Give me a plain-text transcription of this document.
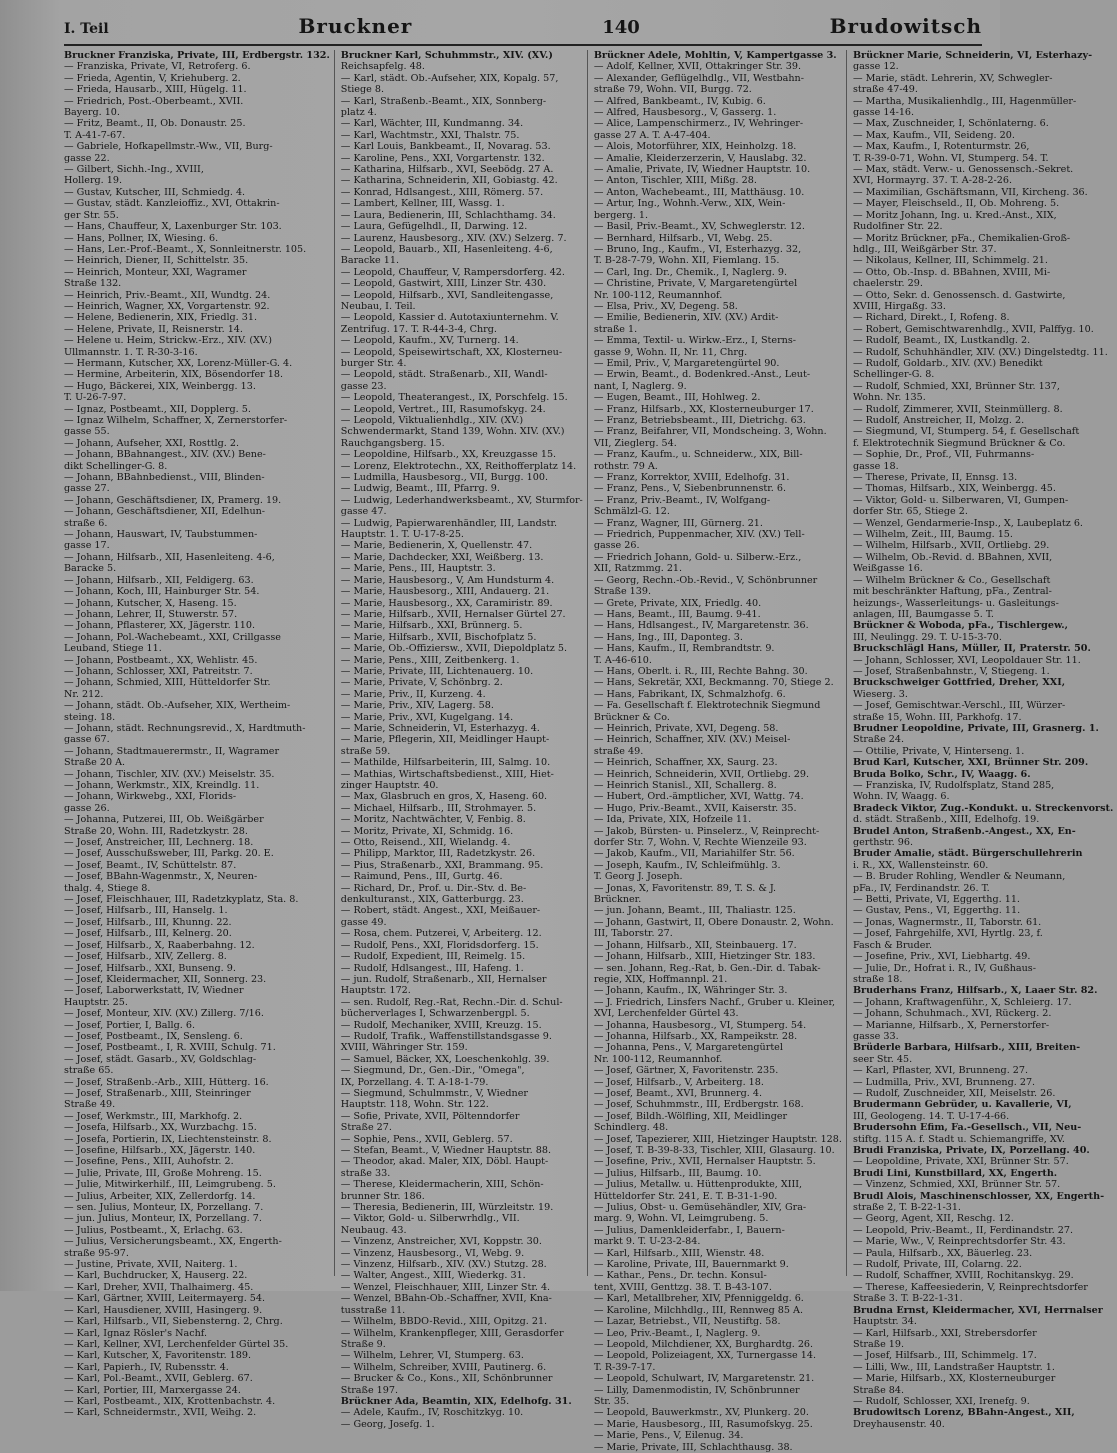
I. Teil	Bruckner	140	Brudowitsch
Bruckner Franziska, Private, III, Erdbergstr. 132.
— Franziska, Private, VI, Retroferg. 6.
— Frieda, Agentin, V, Kriehuberg. 2.
— Frieda, Hausarb., XIII, Hügelg. 11.
— Friedrich, Post.-Oberbeamt., XVII.
Bayerg. 10.
— Fritz, Beamt., II, Ob. Donaustr. 25.
T. A-41-7-67.
— Gabriele, Hofkapellmstr.-Ww., VII, Burg-
gasse 22.
— Gilbert, Sichh.-Ing., XVIII,
Hollerg. 19.
— Gustav, Kutscher, III, Schmiedg. 4.
— Gustav, städt. Kanzleioffiz., XVI, Ottakrin-
ger Str. 55.
— Hans, Chauffeur, X, Laxenburger Str. 103.
— Hans, Pollner, IX, Wiesing. 6.
— Hans, Ler.-Prof.-Beamt., X, Sonnleitnerstr. 105.
— Heinrich, Diener, II, Schittelstr. 35.
— Heinrich, Monteur, XXI, Wagramer
Straße 132.
— Heinrich, Priv.-Beamt., XII, Wundtg. 24.
— Heinrich, Wagner, XX, Vorgartenstr. 92.
— Helene, Bedienerin, XIX, Friedlg. 31.
— Helene, Private, II, Reisnerstr. 14.
— Helene u. Heim, Strickw.-Erz., XIV. (XV.)
Ullmannstr. 1. T. R-30-3-16.
— Hermann, Kutscher, XX, Lorenz-Müller-G. 4.
— Hermine, Arbeiterin, XIX, Bösendorfer 18.
— Hugo, Bäckerei, XIX, Weinbergg. 13.
T. U-26-7-97.
— Ignaz, Postbeamt., XII, Dopplerg. 5.
— Ignaz Wilhelm, Schaffner, X, Zernerstorfer-
gasse 55.
— Johann, Aufseher, XXI, Rosttlg. 2.
— Johann, BBahnangest., XIV. (XV.) Bene-
dikt Schellinger-G. 8.
— Johann, BBahnbedienst., VIII, Blinden-
gasse 27.
— Johann, Geschäftsdiener, IX, Pramerg. 19.
— Johann, Geschäftsdiener, XII, Edelhun-
straße 6.
— Johann, Hauswart, IV, Taubstummen-
gasse 17.
— Johann, Hilfsarb., XII, Hasenleiteng. 4-6,
Baracke 5.
— Johann, Hilfsarb., XII, Feldigerg. 63.
— Johann, Koch, III, Hainburger Str. 54.
— Johann, Kutscher, X, Haseng. 15.
— Johann, Lehrer, II, Stuwerstr. 57.
— Johann, Pflasterer, XX, Jägerstr. 110.
— Johann, Pol.-Wachebeamt., XXI, Crillgasse
Leuband, Stiege 11.
— Johann, Postbeamt., XX, Wehlistr. 45.
— Johann, Schlosser, XXI, Patreitstr. 7.
— Johann, Schmied, XIII, Hütteldorfer Str.
Nr. 212.
— Johann, städt. Ob.-Aufseher, XIX, Wertheim-
steing. 18.
— Johann, städt. Rechnungsrevid., X, Hardtmuth-
gasse 67.
— Johann, Stadtmauerermstr., II, Wagramer
Straße 20 A.
— Johann, Tischler, XIV. (XV.) Meiselstr. 35.
— Johann, Werkmstr., XIX, Kreindlg. 11.
— Johann, Wirkwebg., XXI, Florids-
gasse 26.
— Johanna, Putzerei, III, Ob. Weißgärber
Straße 20, Wohn. III, Radetzkystr. 28.
— Josef, Anstreicher, III, Lechnerg. 18.
— Josef, Ausschußsweber, III, Parkg. 20. E.
— Josef, Beamt., IV, Schüttelstr. 87.
— Josef, BBahn-Wagenmstr., X, Neuren-
thalg. 4, Stiege 8.
— Josef, Fleischhauer, III, Radetzkyplatz, Sta. 8.
— Josef, Hilfsarb., III, Hanselg. 1.
— Josef, Hilfsarb., III, Khunng. 22.
— Josef, Hilfsarb., III, Kelnerg. 20.
— Josef, Hilfsarb., X, Raaberbahng. 12.
— Josef, Hilfsarb., XIV, Zellerg. 8.
— Josef, Hilfsarb., XXI, Bunseng. 9.
— Josef, Kleidermacher, XII, Sonnerg. 23.
— Josef, Laborwerkstatt, IV, Wiedner
Hauptstr. 25.
— Josef, Monteur, XIV. (XV.) Zillerg. 7/16.
— Josef, Portier, I, Ballg. 6.
— Josef, Postbeamt., IX, Sensleng. 6.
— Josef, Postbeamt., I, R. XVIII, Schulg. 71.
— Josef, städt. Gasarb., XV, Goldschlag-
straße 65.
— Josef, Straßenb.-Arb., XIII, Hütterg. 16.
— Josef, Straßenarb., XIII, Steinringer
Straße 49.
— Josef, Werkmstr., III, Markhofg. 2.
— Josefa, Hilfsarb., XX, Wurzbachg. 15.
— Josefa, Portierin, IX, Liechtensteinstr. 8.
— Josefine, Hilfsarb., XX, Jägerstr. 140.
— Josefine, Pens., XIII, Auhofstr. 2.
— Julie, Private, III, Große Mohreng. 15.
— Julie, Mitwirkerhilf., III, Leimgrubeng. 5.
— Julius, Arbeiter, XIX, Zellerdorfg. 14.
— sen. Julius, Monteur, IX, Porzellang. 7.
— jun. Julius, Monteur, IX, Porzellang. 7.
— Julius, Postbeamt., X, Erlachg. 63.
— Julius, Versicherungsbeamt., XX, Engerth-
straße 95-97.
— Justine, Private, XVII, Naiterg. 1.
— Karl, Buchdrucker, X, Hauserg. 22.
— Karl, Dreher, XVII, Thalhaimerg. 45.
— Karl, Gärtner, XVIII, Leitermayerg. 54.
— Karl, Hausdiener, XVIII, Hasingerg. 9.
— Karl, Hilfsarb., VII, Siebensterng. 2, Chrg.
— Karl, Ignaz Rösler's Nachf.
— Karl, Kellner, XVI, Lerchenfelder Gürtel 35.
— Karl, Kutscher, X, Favoritenstr. 189.
— Karl, Papierh., IV, Rubensstr. 4.
— Karl, Pol.-Beamt., XVII, Geblerg. 67.
— Karl, Portier, III, Marxergasse 24.
— Karl, Postbeamt., XIX, Krottenbachstr. 4.
— Karl, Schneidermstr., XVII, Weihg. 2.
Bruckner Karl, Schuhmmstr., XIV. (XV.)
Reichsapfelg. 48.
— Karl, städt. Ob.-Aufseher, XIX, Kopalg. 57,
Stiege 8.
— Karl, Straßenb.-Beamt., XIX, Sonnberg-
platz 4.
— Karl, Wächter, III, Kundmanng. 34.
— Karl, Wachtmstr., XXI, Thalstr. 75.
— Karl Louis, Bankbeamt., II, Novarag. 53.
— Karoline, Pens., XXI, Vorgartenstr. 132.
— Katharina, Hilfsarb., XVI, Seebödg. 27 A.
— Katharina, Schneiderin, XII, Gobiastg. 42.
— Konrad, Hdlsangest., XIII, Römerg. 57.
— Lambert, Kellner, III, Wassg. 1.
— Laura, Bedienerin, III, Schlachthamg. 34.
— Laura, Gefügelhdl., II, Darwing. 12.
— Laurenz, Hausbesorg., XIV. (XV.) Selzerg. 7.
— Leopold, Bauarb., XII, Hasenleiteng. 4-6,
Baracke 11.
— Leopold, Chauffeur, V, Rampersdorferg. 42.
— Leopold, Gastwirt, XIII, Linzer Str. 430.
— Leopold, Hilfsarb., XVI, Sandleitengasse,
Neubau, I. Teil.
— Leopold, Kassier d. Autotaxiunternehm. V.
Zentrifug. 17. T. R-44-3-4, Chrg.
— Leopold, Kaufm., XV, Turnerg. 14.
— Leopold, Speisewirtschaft, XX, Klosterneu-
burger Str. 4.
— Leopold, städt. Straßenarb., XII, Wandl-
gasse 23.
— Leopold, Theaterangest., IX, Porschfelg. 15.
— Leopold, Vertret., III, Rasumofskyg. 24.
— Leopold, Viktualienhdlg., XIV. (XV.)
Schwendermarkt, Stand 139, Wohn. XIV. (XV.)
Rauchgangsberg. 15.
— Leopoldine, Hilfsarb., XX, Kreuzgasse 15.
— Lorenz, Elektrotechn., XX, Reithofferplatz 14.
— Ludmilla, Hausbesorg., VII, Burgg. 100.
— Ludwig, Beamt., III, Pfarrg. 9.
— Ludwig, Lederhandwerksbeamt., XV, Sturmfor-
gasse 47.
— Ludwig, Papierwarenhändler, III, Landstr.
Hauptstr. 1. T. U-17-8-25.
— Marie, Bedienerin, X, Quellenstr. 47.
— Marie, Dachdecker, XXI, Weißberg. 13.
— Marie, Pens., III, Hauptstr. 3.
— Marie, Hausbesorg., V, Am Hundsturm 4.
— Marie, Hausbesorg., XIII, Andauerg. 21.
— Marie, Hausbesorg., XX, Caramiristr. 89.
— Marie, Hilfsarb., XVII, Hernalser Gürtel 27.
— Marie, Hilfsarb., XXI, Brünnerg. 5.
— Marie, Hilfsarb., XVII, Bischofplatz 5.
— Marie, Ob.-Offiziersw., XVII, Diepoldplatz 5.
— Marie, Pens., XIII, Zeitbenkerg. 1.
— Marie, Private, III, Lichtenauerg. 10.
— Marie, Private, V, Schönbrg. 2.
— Marie, Priv., II, Kurzeng. 4.
— Marie, Priv., XIV, Lagerg. 58.
— Marie, Priv., XVI, Kugelgang. 14.
— Marie, Schneiderin, VI, Esterhazyg. 4.
— Marie, Pflegerin, XII, Meidlinger Haupt-
straße 59.
— Mathilde, Hilfsarbeiterin, III, Salmg. 10.
— Mathias, Wirtschaftsbedienst., XIII, Hiet-
zinger Hauptstr. 40.
— Max, Glasbruch en gros, X, Haseng. 60.
— Michael, Hilfsarb., III, Strohmayer. 5.
— Moritz, Nachtwächter, V, Fenbig. 8.
— Moritz, Private, XI, Schmidg. 16.
— Otto, Reisend., XII, Wielandg. 4.
— Philipp, Marktor, III, Radetzkystr. 26.
— Pius, Straßenarb., XXI, Brammang. 95.
— Raimund, Pens., III, Gurtg. 46.
— Richard, Dr., Prof. u. Dir.-Stv. d. Be-
denkulturanst., XIX, Gatterburgg. 23.
— Robert, städt. Angest., XXI, Meißauer-
gasse 49.
— Rosa, chem. Putzerei, V, Arbeiterg. 12.
— Rudolf, Pens., XXI, Floridsdorferg. 15.
— Rudolf, Expedient, III, Reimelg. 15.
— Rudolf, Hdlsangest., III, Hafeng. 1.
— jun. Rudolf, Straßenarb., XII, Hernalser
Hauptstr. 172.
— sen. Rudolf, Reg.-Rat, Rechn.-Dir. d. Schul-
bücherverlages I, Schwarzenbergpl. 5.
— Rudolf, Mechaniker, XVIII, Kreuzg. 15.
— Rudolf, Trafik., Waffenstillstandsgasse 9.
XVIII, Währinger Str. 159.
— Samuel, Bäcker, XX, Loeschenkohlg. 39.
— Siegmund, Dr., Gen.-Dir., "Omega",
IX, Porzellang. 4. T. A-18-1-79.
— Siegmund, Schulmmstr., V, Wiedner
Hauptstr. 118, Wohn. Str. 122.
— Sofie, Private, XVII, Pöltenndorfer
Straße 27.
— Sophie, Pens., XVII, Geblerg. 57.
— Stefan, Beamt., V, Wiedner Hauptstr. 88.
— Theodor, akad. Maler, XIX, Döbl. Haupt-
straße 33.
— Therese, Kleidermacherin, XIII, Schön-
brunner Str. 186.
— Theresia, Bedienerin, III, Würzleitstr. 19.
— Viktor, Gold- u. Silberwrhdlg., VII.
Neubaug. 43.
— Vinzenz, Anstreicher, XVI, Koppstr. 30.
— Vinzenz, Hausbesorg., VI, Webg. 9.
— Vinzenz, Hilfsarb., XIV. (XV.) Stutzg. 28.
— Walter, Angest., XIII, Wiederkg. 31.
— Wenzel, Fleischhauer, XIII, Linzer Str. 4.
— Wenzel, BBahn-Ob.-Schaffner, XVII, Kna-
tusstraße 11.
— Wilhelm, BBDO-Revid., XIII, Opitzg. 21.
— Wilhelm, Krankenpfleger, XIII, Gerasdorfer
Straße 9.
— Wilhelm, Lehrer, VI, Stumperg. 63.
— Wilhelm, Schreiber, XVIII, Pautinerg. 6.
— Brucker & Co., Kons., XII, Schönbrunner
Straße 197.
Brückner Ada, Beamtin, XIX, Edelhofg. 31.
— Adele, Kaufm., IV, Roschitzkyg. 10.
— Georg, Josefg. 1.
Brückner Adele, Mohltin, V, Kampertgasse 3.
— Adolf, Kellner, XVII, Ottakringer Str. 39.
— Alexander, Geflügelhdlg., VII, Westbahn-
straße 79, Wohn. VII, Burgg. 72.
— Alfred, Bankbeamt., IV, Kubig. 6.
— Alfred, Hausbesorg., V, Gasserg. 1.
— Alice, Lampenschirmerz., IV, Wehringer-
gasse 27 A. T. A-47-404.
— Alois, Motorführer, XIX, Heinholzg. 18.
— Amalie, Kleiderzerzerin, V, Hauslabg. 32.
— Amalie, Private, IV, Wiedner Hauptstr. 10.
— Anton, Tischler, XIII, Mißg. 28.
— Anton, Wachebeamt., III, Matthäusg. 10.
— Artur, Ing., Wohnh.-Verw., XIX, Wein-
bergerg. 1.
— Basil, Priv.-Beamt., XV, Schweglerstr. 12.
— Bernhard, Hilfsarb., VI, Webg. 25.
— Bruno, Ing., Kaufm., VI, Esterhazyg. 32,
T. B-28-7-79, Wohn. XII, Fiemlang. 15.
— Carl, Ing. Dr., Chemik., I, Naglerg. 9.
— Christine, Private, V, Margaretengürtel
Nr. 100-112, Reumannhof.
— Elsa, Priv., XV, Degeng. 58.
— Emilie, Bedienerin, XIV. (XV.) Ardit-
straße 1.
— Emma, Textil- u. Wirkw.-Erz., I, Sterns-
gasse 9, Wohn. II, Nr. 11, Chrg.
— Emil, Priv., V, Margaretengürtel 90.
— Erwin, Beamt., d. Bodenkred.-Anst., Leut-
nant, I, Naglerg. 9.
— Eugen, Beamt., III, Hohlweg. 2.
— Franz, Hilfsarb., XX, Klosterneuburger 17.
— Franz, Betriebsbeamt., III, Dietrichg. 63.
— Franz, Beifahrer, VII, Mondscheing. 3, Wohn.
VII, Zieglerg. 54.
— Franz, Kaufm., u. Schneiderw., XIX, Bill-
rothstr. 79 A.
— Franz, Korrektor, XVIII, Edelhofg. 31.
— Franz, Pens., V, Siebenbrunnenstr. 6.
— Franz, Priv.-Beamt., IV, Wolfgang-
Schmälzl-G. 12.
— Franz, Wagner, III, Gürnerg. 21.
— Friedrich, Puppenmacher, XIV. (XV.) Tell-
gasse 26.
— Friedrich Johann, Gold- u. Silberw.-Erz.,
XII, Ratzmmg. 21.
— Georg, Rechn.-Ob.-Revid., V, Schönbrunner
Straße 139.
— Grete, Private, XIX, Friedlg. 40.
— Hans, Beamt., III, Baumg. 9-41.
— Hans, Hdlsangest., IV, Margaretenstr. 36.
— Hans, Ing., III, Daponteg. 3.
— Hans, Kaufm., II, Rembrandtstr. 9.
T. A-46-610.
— Hans, Oberlt. i. R., III, Rechte Bahng. 30.
— Hans, Sekretär, XXI, Beckmanng. 70, Stiege 2.
— Hans, Fabrikant, IX, Schmalzhofg. 6.
— Fa. Gesellschaft f. Elektrotechnik Siegmund
Brückner & Co.
— Heinrich, Private, XVI, Degeng. 58.
— Heinrich, Schaffner, XIV. (XV.) Meisel-
straße 49.
— Heinrich, Schaffner, XX, Saurg. 23.
— Heinrich, Schneiderin, XVII, Ortliebg. 29.
— Heinrich Stanisl., XII, Schallerg. 8.
— Hubert, Ord.-ämptlicher, XVI, Wattg. 74.
— Hugo, Priv.-Beamt., XVII, Kaiserstr. 35.
— Ida, Private, XIX, Hofzeile 11.
— Jakob, Bürsten- u. Pinselerz., V, Reinprecht-
dorfer Str. 7, Wohn. V, Rechte Wienzeile 93.
— Jakob, Kaufm., VII, Mariahilfer Str. 56.
— Joseph, Kaufm., IV, Schleifmühlg. 3.
T. Georg J. Joseph.
— Jonas, X, Favoritenstr. 89, T. S. & J.
Brückner.
— jun. Johann, Beamt., III, Thaliastr. 125.
— Johann, Gastwirt, II, Obere Donaustr. 2, Wohn.
III, Taborstr. 27.
— Johann, Hilfsarb., XII, Steinbauerg. 17.
— Johann, Hilfsarb., XIII, Hietzinger Str. 183.
— sen. Johann, Reg.-Rat, b. Gen.-Dir. d. Tabak-
regie, XIX, Hoffmannpl. 21.
— Johann, Kaufm., IX, Währinger Str. 3.
— J. Friedrich, Linsfers Nachf., Gruber u. Kleiner,
XVI, Lerchenfelder Gürtel 43.
— Johanna, Hausbesorg., VI, Stumperg. 54.
— Johanna, Hilfsarb., XX, Rampeikstr. 28.
— Johanna, Pens., V, Margaretengürtel
Nr. 100-112, Reumannhof.
— Josef, Gärtner, X, Favoritenstr. 235.
— Josef, Hilfsarb., V, Arbeiterg. 18.
— Josef, Beamt., XVI, Brunnerg. 4.
— Josef, Schuhmmstr., III, Erdbergstr. 168.
— Josef, Bildh.-Wölfling, XII, Meidlinger
Schindlerg. 48.
— Josef, Tapezierer, XIII, Hietzinger Hauptstr. 128.
— Josef, T. B-39-8-33, Tischler, XIII, Glasaurg. 10.
— Josefine, Priv., XVII, Hernalser Hauptstr. 5.
— Julius, Hilfsarb., III, Baumg. 10.
— Julius, Metallw. u. Hüttenprodukte, XIII,
Hütteldorfer Str. 241, E. T. B-31-1-90.
— Julius, Obst- u. Gemüsehändler, XIV, Gra-
marg. 9, Wohn. VI, Leimgrubeng. 5.
— Julius, Damenkleiderfabr., I, Bauern-
markt 9. T. U-23-2-84.
— Karl, Hilfsarb., XIII, Wienstr. 48.
— Karoline, Private, III, Bauernmarkt 9.
— Kathar., Pens., Dr. techn. Konsul-
tent, XVIII, Genttzg. 38. T. B-43-107.
— Karl, Metallbreher, XIV, Pfenniggeldg. 6.
— Karoline, Milchhdlg., III, Rennweg 85 A.
— Lazar, Betriebst., VII, Neustiftg. 58.
— Leo, Priv.-Beamt., I, Naglerg. 9.
— Leopold, Milchdiener, XX, Burghardtg. 26.
— Leopold, Polizeiagent, XX, Turnergasse 14.
T. R-39-7-17.
— Leopold, Schulwart, IV, Margaretenstr. 21.
— Lilly, Damenmodistin, IV, Schönbrunner
Str. 35.
— Leopold, Bauwerkmstr., XV, Plunkerg. 20.
— Marie, Hausbesorg., III, Rasumofskyg. 25.
— Marie, Pens., V, Eilenug. 34.
— Marie, Private, III, Schlachthausg. 38.
Brückner Marie, Schneiderin, VI, Esterhazy-
gasse 12.
— Marie, städt. Lehrerin, XV, Schwegler-
straße 47-49.
— Martha, Musikalienhdlg., III, Hagenmüller-
gasse 14-16.
— Max, Zuschneider, I, Schönlaterng. 6.
— Max, Kaufm., VII, Seideng. 20.
— Max, Kaufm., I, Rotenturmstr. 26,
T. R-39-0-71, Wohn. VI, Stumperg. 54. T.
— Max, städt. Verw.- u. Genossensch.-Sekret.
XVI, Hormayrg. 37. T. A-28-2-26.
— Maximilian, Gschäftsmann, VII, Kircheng. 36.
— Mayer, Fleischseld., II, Ob. Mohreng. 5.
— Moritz Johann, Ing. u. Kred.-Anst., XIX,
Rudolfiner Str. 22.
— Moritz Brückner, pFa., Chemikalien-Groß-
hdlg., III, Weißgärber Str. 37.
— Nikolaus, Kellner, III, Schimmelg. 21.
— Otto, Ob.-Insp. d. BBahnen, XVIII, Mi-
chaelerstr. 29.
— Otto, Sekr. d. Genossensch. d. Gastwirte,
XVIII, Hirgaßg. 33.
— Richard, Direkt., I, Rofeng. 8.
— Robert, Gemischtwarenhdlg., XVII, Palffyg. 10.
— Rudolf, Beamt., IX, Lustkandlg. 2.
— Rudolf, Schuhhändler, XIV. (XV.) Dingelstedtg. 11.
— Rudolf, Goldarb., XIV. (XV.) Benedikt
Schellinger-G. 8.
— Rudolf, Schmied, XXI, Brünner Str. 137,
Wohn. Nr. 135.
— Rudolf, Zimmerer, XVII, Steinmüllerg. 8.
— Rudolf, Anstreicher, II, Molzg. 2.
— Siegmund, VI, Stumperg. 54, f. Gesellschaft
f. Elektrotechnik Siegmund Brückner & Co.
— Sophie, Dr., Prof., VII, Fuhrmanns-
gasse 18.
— Therese, Private, II, Ennsg. 13.
— Thomas, Hilfsarb., XIX, Weinbergg. 45.
— Viktor, Gold- u. Silberwaren, VI, Gumpen-
dorfer Str. 65, Stiege 2.
— Wenzel, Gendarmerie-Insp., X, Laubeplatz 6.
— Wilhelm, Zeit., III, Baumg. 15.
— Wilhelm, Hilfsarb., XVII, Ortliebg. 29.
— Wilhelm, Ob.-Revid. d. BBahnen, XVII,
Weißgasse 16.
— Wilhelm Brückner & Co., Gesellschaft
mit beschränkter Haftung, pFa., Zentral-
heizungs-, Wasserleitungs- u. Gasleitungs-
anlagen, III, Baumgasse 5. T.
Brückner & Woboda, pFa., Tischlergew.,
III, Neulingg. 29. T. U-15-3-70.
Bruckschlägl Hans, Müller, II, Praterstr. 50.
— Johann, Schlosser, XVI, Leopoldauer Str. 11.
— Josef, Straßenbahnstr., V, Stiegeng. 1.
Bruckschweiger Gottfried, Dreher, XXI,
Wieserg. 3.
— Josef, Gemischtwar.-Verschl., III, Würzer-
straße 15, Wohn. III, Parkhofg. 17.
Brudner Leopoldine, Private, III, Grasnerg. 1.
Straße 24.
— Ottilie, Private, V, Hinterseng. 1.
Brud Karl, Kutscher, XXI, Brünner Str. 209.
Bruda Bolko, Schr., IV, Waagg. 6.
— Franziska, IV, Rudolfsplatz, Stand 285,
Wohn. IV, Waagg. 6.
Bradeck Viktor, Zug.-Kondukt. u. Streckenvorst.
d. städt. Straßenb., XIII, Edelhofg. 19.
Brudel Anton, Straßenb.-Angest., XX, En-
gerthstr. 96.
Bruder Amalie, städt. Bürgerschullehrerin
i. R., XX, Wallensteinstr. 60.
— B. Bruder Rohling, Wendler & Neumann,
pFa., IV, Ferdinandstr. 26. T.
— Betti, Private, VI, Eggerthg. 11.
— Gustav, Pens., VI, Eggerthg. 11.
— Jonas, Wagnermstr., II, Taborstr. 61.
— Josef, Fahrgehilfe, XVI, Hyrtlg. 23, f.
Fasch & Bruder.
— Josefine, Priv., XVI, Liebhartg. 49.
— Julie, Dr., Hofrat i. R., IV, Gußhaus-
straße 18.
Bruderhans Franz, Hilfsarb., X, Laaer Str. 82.
— Johann, Kraftwagenführ., X, Schleierg. 17.
— Johann, Schuhmach., XVI, Rückerg. 2.
— Marianne, Hilfsarb., X, Pernerstorfer-
gasse 33.
Brüderle Barbara, Hilfsarb., XIII, Breiten-
seer Str. 45.
— Karl, Pflaster, XVI, Brunneng. 27.
— Ludmilla, Priv., XVI, Brunneng. 27.
— Rudolf, Zuschneider, XII, Meiselstr. 26.
Brudermann Gebrüder, u. Kavallerie, VI,
III, Geologeng. 14. T. U-17-4-66.
Brudersohn Efim, Fa.-Gesellsch., VII, Neu-
stiftg. 115 A. f. Stadt u. Schiemangriffe, XV.
Brudi Franziska, Private, IX, Porzellang. 40.
— Leopoldine, Private, XXI, Brünner Str. 57.
Brudi Lini, Kunstbillard, XX, Engerth.
— Vinzenz, Schmied, XXI, Brünner Str. 57.
Brudl Alois, Maschinenschlosser, XX, Engerth-
straße 2, T. B-22-1-31.
— Georg, Agent, XII, Reschg. 12.
— Leopold, Priv.-Beamt., II, Ferdinandstr. 27.
— Marie, Ww., V, Reinprechtsdorfer Str. 43.
— Paula, Hilfsarb., XX, Bäuerleg. 23.
— Rudolf, Private, III, Colarng. 22.
— Rudolf, Schaffner, XVIII, Rochitanskyg. 29.
— Therese, Kaffeesiederin, V, Reinprechtsdorfer
Straße 3. T. B-22-1-31.
Brudna Ernst, Kleidermacher, XVI, Herrnalser
Hauptstr. 34.
— Karl, Hilfsarb., XXI, Strebersdorfer
Straße 19.
— Josef, Hilfsarb., III, Schimmelg. 17.
— Lilli, Ww., III, Landstraßer Hauptstr. 1.
— Marie, Hilfsarb., XX, Klosterneuburger
Straße 84.
— Rudolf, Schlosser, XXI, Irenefg. 9.
Brudowitsch Lorenz, BBahn-Angest., XII,
Dreyhausenstr. 40.
